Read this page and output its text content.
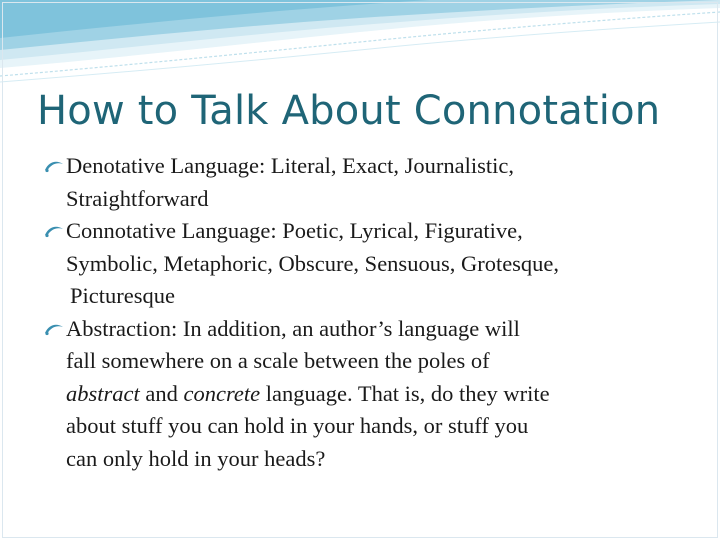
How to Talk About Connotation
Denotative Language: Literal, Exact, Journalistic,
Straightforward
Connotative Language: Poetic, Lyrical, Figurative,
Symbolic, Metaphoric, Obscure, Sensuous, Grotesque,
Picturesque
Abstraction: In addition, an author’s language will
fall somewhere on a scale between the poles of
abstract and concrete language. That is, do they write
about stuff you can hold in your hands, or stuff you
can only hold in your heads?
